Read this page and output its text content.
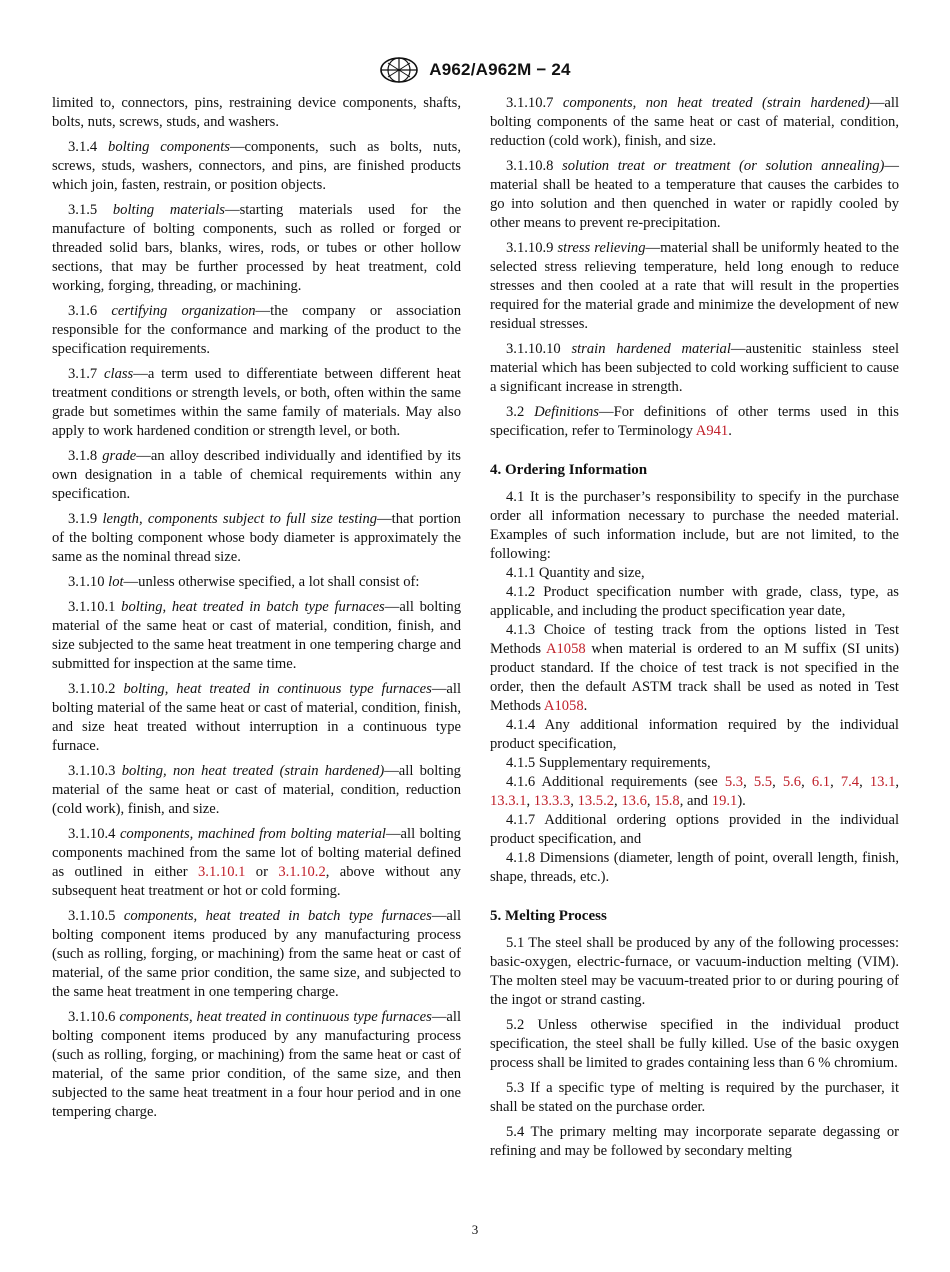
A962/A962M − 24

limited to, connectors, pins, restraining device components, shafts, bolts, nuts, screws, studs, and washers.

3.1.4 bolting components—components, such as bolts, nuts, screws, studs, washers, connectors, and pins, are finished products which join, fasten, restrain, or position objects.

3.1.5 bolting materials—starting materials used for the manufacture of bolting components, such as rolled or forged or threaded solid bars, blanks, wires, rods, or tubes or other hollow sections, that may be further processed by heat treatment, cold working, forging, threading, or machining.

3.1.6 certifying organization—the company or association responsible for the conformance and marking of the product to the specification requirements.

3.1.7 class—a term used to differentiate between different heat treatment conditions or strength levels, or both, often within the same grade but sometimes within the same family of materials. May also apply to work hardened condition or strength level, or both.

3.1.8 grade—an alloy described individually and identified by its own designation in a table of chemical requirements within any specification.

3.1.9 length, components subject to full size testing—that portion of the bolting component whose body diameter is approximately the same as the nominal thread size.

3.1.10 lot—unless otherwise specified, a lot shall consist of:

3.1.10.1 bolting, heat treated in batch type furnaces—all bolting material of the same heat or cast of material, condition, finish, and size subjected to the same heat treatment in one tempering charge and submitted for inspection at the same time.

3.1.10.2 bolting, heat treated in continuous type furnaces—all bolting material of the same heat or cast of material, condition, finish, and size heat treated without interruption in a continuous type furnace.

3.1.10.3 bolting, non heat treated (strain hardened)—all bolting material of the same heat or cast of material, condition, reduction (cold work), finish, and size.

3.1.10.4 components, machined from bolting material—all bolting components machined from the same lot of bolting material defined as outlined in either 3.1.10.1 or 3.1.10.2, above without any subsequent heat treatment or hot or cold forming.

3.1.10.5 components, heat treated in batch type furnaces—all bolting component items produced by any manufacturing process (such as rolling, forging, or machining) from the same heat or cast of material, of the same prior condition, the same size, and subjected to the same heat treatment in one tempering charge.

3.1.10.6 components, heat treated in continuous type furnaces—all bolting component items produced by any manufacturing process (such as rolling, forging, or machining) from the same heat or cast of material, of the same prior condition, of the same size, and then subjected to the same heat treatment in a four hour period and in one tempering charge.

3.1.10.7 components, non heat treated (strain hardened)—all bolting components of the same heat or cast of material, condition, reduction (cold work), finish, and size.

3.1.10.8 solution treat or treatment (or solution annealing)—material shall be heated to a temperature that causes the carbides to go into solution and then quenched in water or rapidly cooled by other means to prevent re-precipitation.

3.1.10.9 stress relieving—material shall be uniformly heated to the selected stress relieving temperature, held long enough to reduce stresses and then cooled at a rate that will result in the properties required for the material grade and minimize the development of new residual stresses.

3.1.10.10 strain hardened material—austenitic stainless steel material which has been subjected to cold working sufficient to cause a significant increase in strength.

3.2 Definitions—For definitions of other terms used in this specification, refer to Terminology A941.

4. Ordering Information

4.1 It is the purchaser’s responsibility to specify in the purchase order all information necessary to purchase the needed material. Examples of such information include, but are not limited, to the following:

4.1.1 Quantity and size,

4.1.2 Product specification number with grade, class, type, as applicable, and including the product specification year date,

4.1.3 Choice of testing track from the options listed in Test Methods A1058 when material is ordered to an M suffix (SI units) product standard. If the choice of test track is not specified in the order, then the default ASTM track shall be used as noted in Test Methods A1058.

4.1.4 Any additional information required by the individual product specification,

4.1.5 Supplementary requirements,

4.1.6 Additional requirements (see 5.3, 5.5, 5.6, 6.1, 7.4, 13.1, 13.3.1, 13.3.3, 13.5.2, 13.6, 15.8, and 19.1).

4.1.7 Additional ordering options provided in the individual product specification, and

4.1.8 Dimensions (diameter, length of point, overall length, finish, shape, threads, etc.).

5. Melting Process

5.1 The steel shall be produced by any of the following processes: basic-oxygen, electric-furnace, or vacuum-induction melting (VIM). The molten steel may be vacuum-treated prior to or during pouring of the ingot or strand casting.

5.2 Unless otherwise specified in the individual product specification, the steel shall be fully killed. Use of the basic oxygen process shall be limited to grades containing less than 6 % chromium.

5.3 If a specific type of melting is required by the purchaser, it shall be stated on the purchase order.

5.4 The primary melting may incorporate separate degassing or refining and may be followed by secondary melting

3
